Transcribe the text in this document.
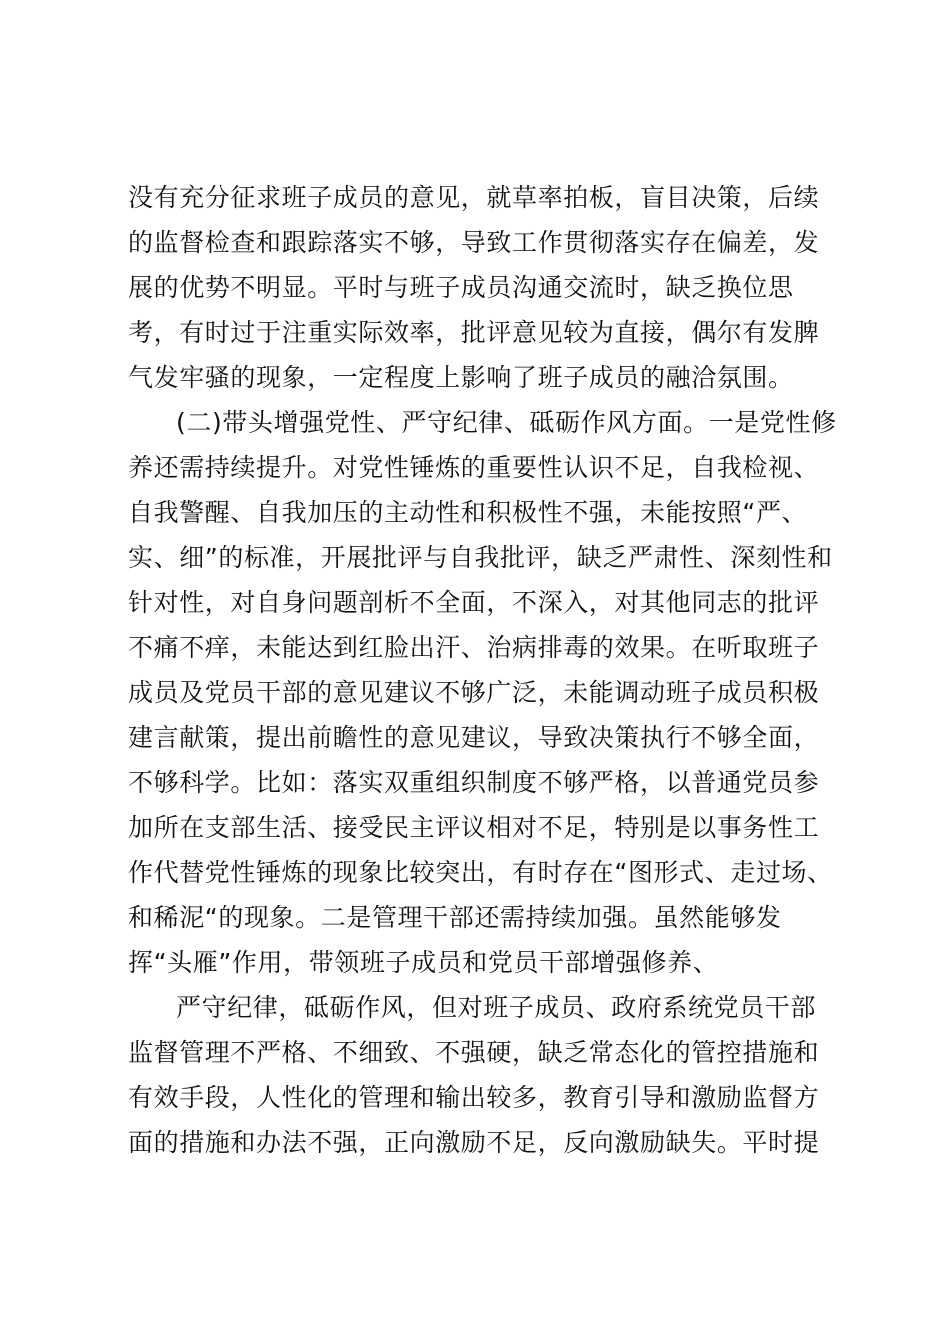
没有充分征求班子成员的意见，就草率拍板，盲目决策，后续

的监督检查和跟踪落实不够，导致工作贯彻落实存在偏差，发

展的优势不明显。平时与班子成员沟通交流时，缺乏换位思

考，有时过于注重实际效率，批评意见较为直接，偶尔有发脾

气发牢骚的现象，一定程度上影响了班子成员的融洽氛围。

(二)带头增强党性、严守纪律、砥砺作风方面。一是党性修

养还需持续提升。对党性锤炼的重要性认识不足，自我检视、

自我警醒、自我加压的主动性和积极性不强，未能按照“严、

实、细”的标准，开展批评与自我批评，缺乏严肃性、深刻性和

针对性，对自身问题剖析不全面，不深入，对其他同志的批评

不痛不痒，未能达到红脸出汗、治病排毒的效果。在听取班子

成员及党员干部的意见建议不够广泛，未能调动班子成员积极

建言献策，提出前瞻性的意见建议，导致决策执行不够全面，

不够科学。比如：落实双重组织制度不够严格，以普通党员参

加所在支部生活、接受民主评议相对不足，特别是以事务性工

作代替党性锤炼的现象比较突出，有时存在“图形式、走过场、

和稀泥“的现象。二是管理干部还需持续加强。虽然能够发

挥“头雁”作用，带领班子成员和党员干部增强修养、

严守纪律，砥砺作风，但对班子成员、政府系统党员干部

监督管理不严格、不细致、不强硬，缺乏常态化的管控措施和

有效手段，人性化的管理和输出较多，教育引导和激励监督方

面的措施和办法不强，正向激励不足，反向激励缺失。平时提
